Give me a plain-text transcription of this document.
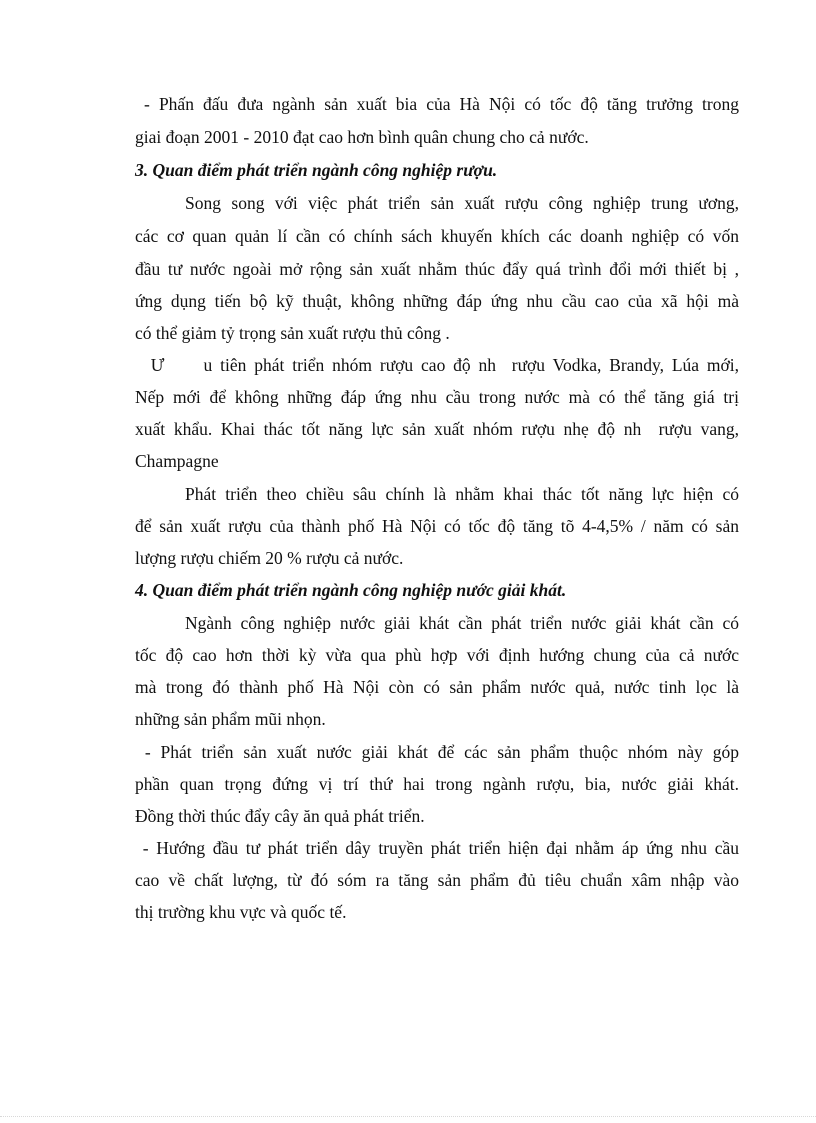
- Phấn đấu đưa ngành sản xuất bia của Hà Nội có tốc độ tăng trưởng trong
giai đoạn 2001 - 2010 đạt cao hơn bình quân chung cho cả nước.
3. Quan điểm phát triển ngành công nghiệp rượu.
Song song với việc phát triển sản xuất rượu công nghiệp trung ương,
các cơ quan quản lí cần có chính sách khuyến khích các doanh nghiệp có vốn
đầu tư nước ngoài mở rộng sản xuất nhằm thúc đẩy quá trình đổi mới thiết bị ,
ứng dụng tiến bộ kỹ thuật, không những đáp ứng nhu cầu cao của xã hội mà
có thể giảm tỷ trọng sản xuất rượu thủ công .
Ư     u tiên phát triển nhóm rượu cao độ nh  rượu Vodka, Brandy, Lúa mới,
Nếp mới để không những đáp ứng nhu cầu trong nước mà có thể tăng giá trị
xuất khẩu. Khai thác tốt năng lực sản xuất nhóm rượu nhẹ độ nh  rượu vang,
Champagne
Phát triển theo chiều sâu chính là nhằm khai thác tốt năng lực hiện có
để sản xuất rượu của thành phố Hà Nội có tốc độ tăng tõ 4-4,5% / năm có sản
lượng rượu chiếm 20 % rượu cả nước.
4. Quan điểm phát triển ngành công nghiệp nước giải khát.
Ngành công nghiệp nước giải khát cần phát triển nước giải khát cần có
tốc độ cao hơn thời kỳ vừa qua phù hợp với định hướng chung của cả nước
mà trong đó thành phố Hà Nội còn có sản phẩm nước quả, nước tinh lọc là
những sản phẩm mũi nhọn.
- Phát triển sản xuất nước giải khát để các sản phẩm thuộc nhóm này góp
phần quan trọng đứng vị trí thứ hai trong ngành rượu, bia, nước giải khát.
Đồng thời thúc đẩy cây ăn quả phát triển.
- Hướng đầu tư phát triển dây truyền phát triển hiện đại nhằm áp ứng nhu cầu
cao về chất lượng, từ đó sóm ra tăng sản phẩm đủ tiêu chuẩn xâm nhập vào
thị trường khu vực và quốc tế.
